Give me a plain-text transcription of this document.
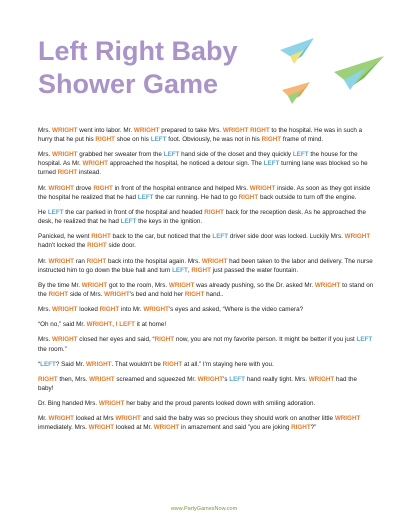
Left Right Baby
Shower Game

Mrs. WRIGHT went into labor. Mr. WRIGHT prepared to take Mrs. WRIGHT RIGHT to the hospital. He was in such a hurry that he put his RIGHT shoe on his LEFT foot. Obviously, he was not in his RIGHT frame of mind.

Mrs. WRIGHT grabbed her sweater from the LEFT hand side of the closet and they quickly LEFT the house for the hospital. As Mr. WRIGHT approached the hospital, he noticed a detour sign. The LEFT turning lane was blocked so he turned RIGHT instead.

Mr. WRIGHT drove RIGHT in front of the hospital entrance and helped Mrs. WRIGHT inside. As soon as they got inside the hospital he realized that he had LEFT the car running. He had to go RIGHT back outside to turn off the engine.

He LEFT the car parked in front of the hospital and headed RIGHT back for the reception desk. As he approached the desk, he realized that he had LEFT the keys in the ignition.

Panicked, he went RIGHT back to the car, but noticed that the LEFT driver side door was locked. Luckily Mrs. WRIGHT hadn't locked the RIGHT side door.

Mr. WRIGHT ran RIGHT back into the hospital again. Mrs. WRIGHT had been taken to the labor and delivery. The nurse instructed him to go down the blue hall and turn LEFT, RIGHT just passed the water fountain.

By the time Mr. WRIGHT got to the room, Mrs. WRIGHT was already pushing, so the Dr. asked Mr. WRIGHT to stand on the RIGHT side of Mrs. WRIGHT's bed and hold her RIGHT hand..

Mrs. WRIGHT looked RIGHT into Mr. WRIGHT's eyes and asked, “Where is the video camera?

“Oh no,” said Mr. WRIGHT, I LEFT it at home!

Mrs. WRIGHT closed her eyes and said, “RIGHT now, you are not my favorite person. It might be better if you just LEFT the room.”

“LEFT? Said Mr. WRIGHT. That wouldn't be RIGHT at all.” I'm staying here with you.

RIGHT then, Mrs. WRIGHT screamed and squeezed Mr. WRIGHT's LEFT hand really tight. Mrs. WRIGHT had the baby!

Dr. Bing handed Mrs. WRIGHT her baby and the proud parents looked down with smiling adoration.

Mr. WRIGHT looked at Mrs WRIGHT and said the baby was so precious they should work on another little WRIGHT immediately. Mrs. WRIGHT looked at Mr. WRIGHT in amazement and said "you are joking RIGHT?"

www.PartyGamesNow.com
